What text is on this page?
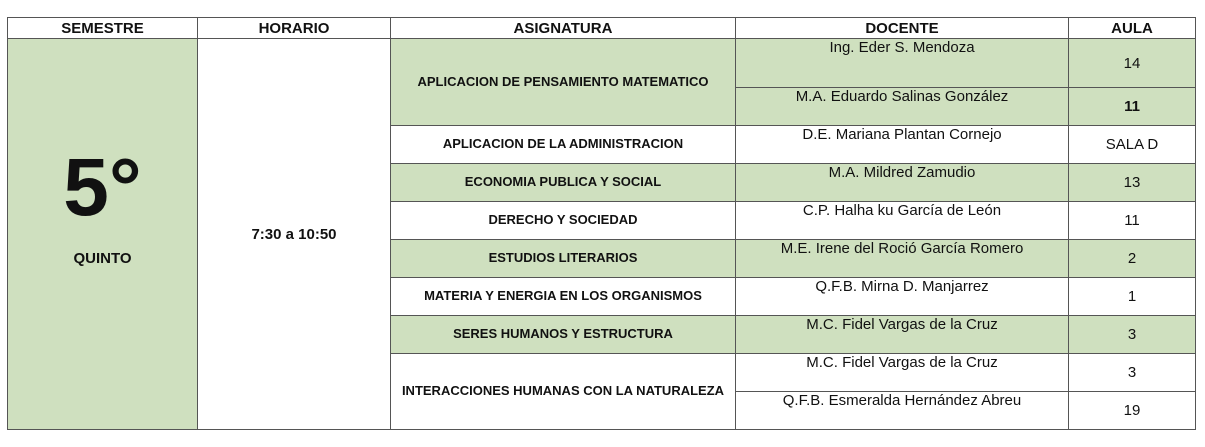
SEMESTRE	HORARIO	ASIGNATURA	DOCENTE	AULA

5°
QUINTO	7:30 a 10:50	APLICACION DE PENSAMIENTO MATEMATICO	Ing. Eder S. Mendoza	14
			M.A. Eduardo Salinas González	11
		APLICACION DE LA ADMINISTRACION	D.E. Mariana Plantan Cornejo	SALA D
		ECONOMIA PUBLICA Y SOCIAL	M.A. Mildred Zamudio	13
		DERECHO Y SOCIEDAD	C.P. Halha ku García de León	11
		ESTUDIOS LITERARIOS	M.E. Irene del Roció García Romero	2
		MATERIA Y ENERGIA EN LOS ORGANISMOS	Q.F.B. Mirna D. Manjarrez	1
		SERES HUMANOS Y ESTRUCTURA	M.C. Fidel Vargas de la Cruz	3
		INTERACCIONES HUMANAS CON LA NATURALEZA	M.C. Fidel Vargas de la Cruz	3
			Q.F.B. Esmeralda Hernández Abreu	19
